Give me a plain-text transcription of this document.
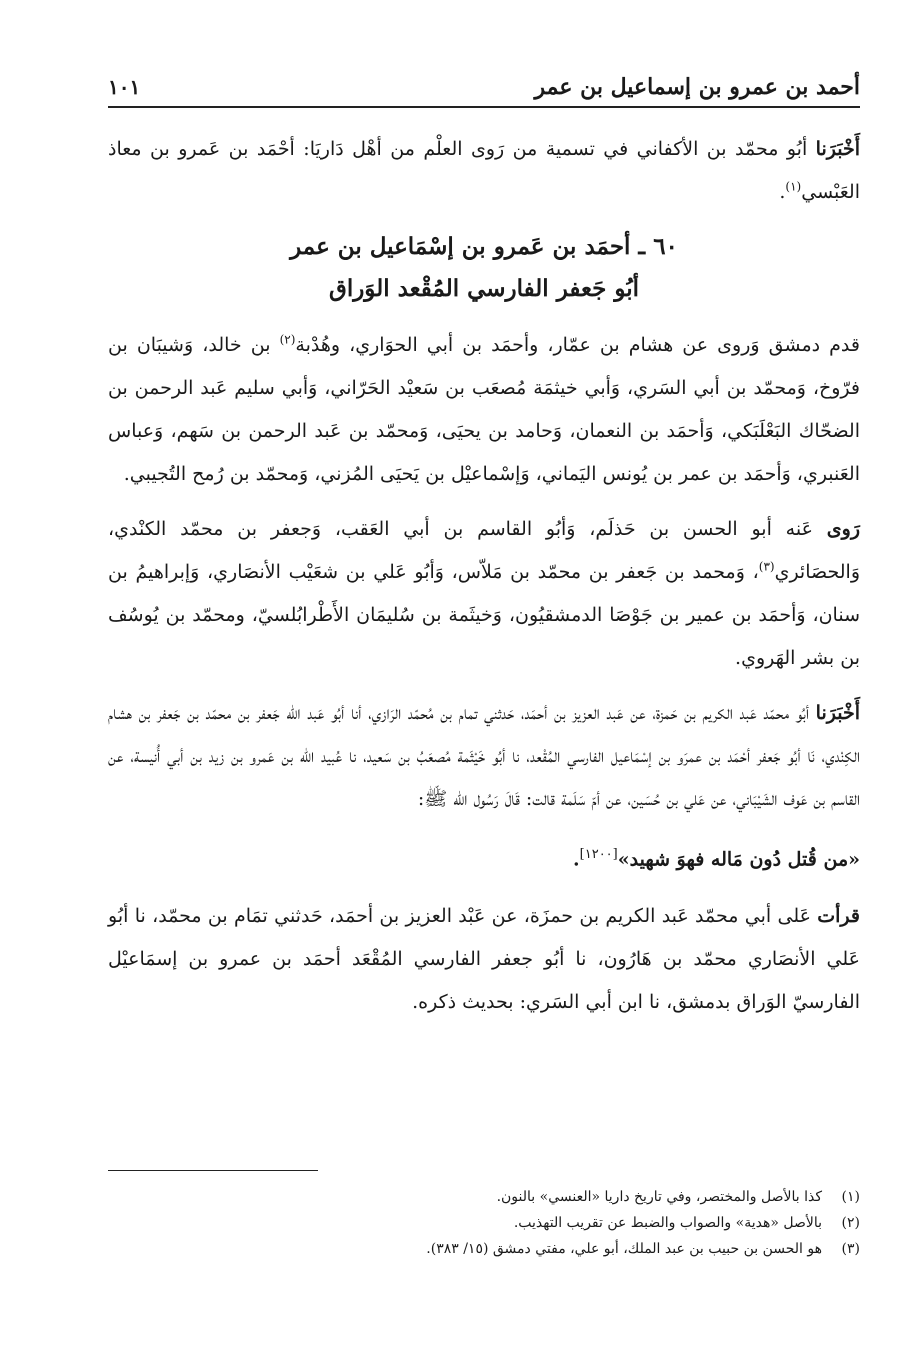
أحمد بن عمرو بن إسماعيل بن عمر
١٠١

أَخْبَرَنا أبُو محمّد بن الأكفاني في تسمية من رَوى العلْم من أهْل دَاريَا: أحْمَد بن عَمرو بن معاذ العَبْسي$^{(١)}$.

٦٠ ـ أحمَد بن عَمرو بن إسْمَاعيل بن عمر
أبُو جَعفر الفارسي المُقْعد الوَراق

قدم دمشق وَروى عن هشام بن عمّار، وأحمَد بن أبي الحوَاري، وهُدْبة$^{(٢)}$ بن خالد، وَشيبَان بن فرّوخ، وَمحمّد بن أبي السَري، وَأبي خيثمَة مُصعَب بن سَعيْد الحَرّاني، وَأبي سليم عَبد الرحمن بن الضحّاك البَعْلَبَكي، وَأحمَد بن النعمان، وَحامد بن يحيَى، وَمحمّد بن عَبد الرحمن بن سَهم، وَعباس العَنبري، وَأحمَد بن عمر بن يُونس اليَماني، وَإسْماعيْل بن يَحيَى المُزني، وَمحمّد بن رُمح التُجيبي.

رَوى عَنه أبو الحسن بن حَذلَم، وَأبُو القاسم بن أبي العَقب، وَجعفر بن محمّد الكنْدي، وَالحصَائري$^{(٣)}$، وَمحمد بن جَعفر بن محمّد بن مَلاّس، وَأبُو عَلي بن شعَيْب الأنصَاري، وَإبراهيمُ بن سنان، وَأحمَد بن عمير بن جَوْصَا الدمشقيُون، وَخيثَمة بن سُليمَان الأَطْرابُلسيّ، ومحمّد بن يُوسُف بن بشر الهَروي.

أَخْبَرَنا أبُو محمّد عَبد الكريم بن حَمزة، عن عَبد العزيز بن أحمَد، حَدثني تمام بن مُحمّد الرَازي، أنا أبُو عَبد اللّه جَعفر بن محمّد بن جَعفر بن هشام الكِنْدي، نَا أبُو جَعفر أحْمَد بن عمرَو بن إسْمَاعيل الفارسي المُقْعد، نا أبُو خَيْثَمة مُصعَبُ بن سَعيد، نا عُبيد اللّه بن عَمرو بن زيد بن أبي أُنيسة، عن القاسم بن عَوف الشَيْبَاني، عن عَلي بن حُسَين، عن أمّ سَلَمة قالت: قَالَ رَسُول الله ﷺ:

«من قُتل دُون مَاله فهوَ شهيد»[١٢٠٠].

قرأت عَلى أبي محمّد عَبد الكريم بن حمزَة، عن عَبْد العزيز بن أحمَد، حَدثني تمَام بن محمّد، نا أبُو عَلي الأنصَاري محمّد بن هَارُون، نا أبُو جعفر الفارسي المُقْعَد أحمَد بن عمرو بن إسمَاعيْل الفارسيّ الوَراق بدمشق، نا ابن أبي السَري: بحديث ذكره.

(١)
كذا بالأصل والمختصر، وفي تاريخ داريا «العنسي» بالنون.
(٢)
بالأصل «هدية» والصواب والضبط عن تقريب التهذيب.
(٣)
هو الحسن بن حبيب بن عبد الملك، أبو علي، مفتي دمشق (١٥/ ٣٨٣).
